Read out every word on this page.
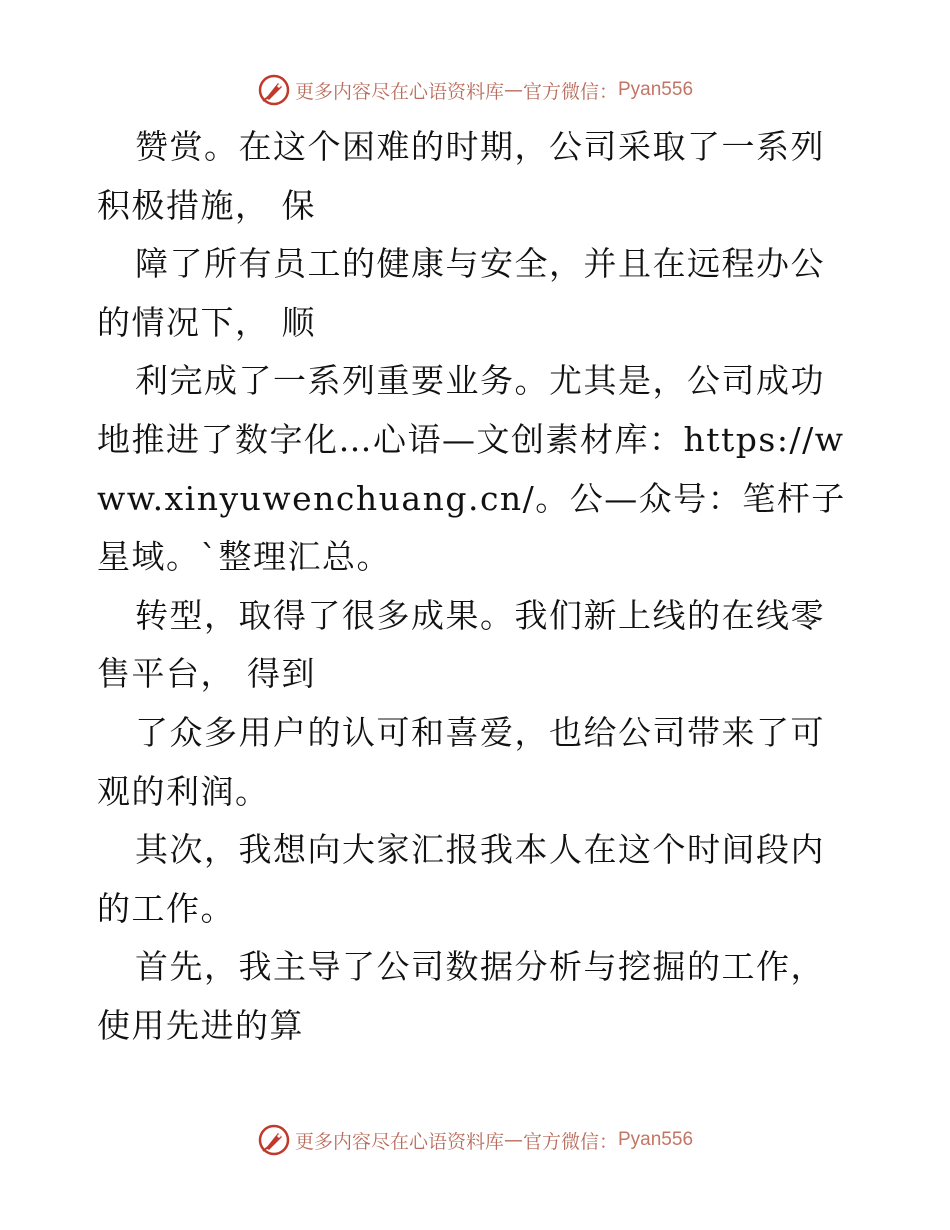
更多内容尽在心语资料库 — 官方微信： Pyan556

赞赏。在这个困难的时期，公司采取了一系列积极措施， 保

障了所有员工的健康与安全，并且在远程办公的情况下， 顺

利完成了一系列重要业务。尤其是，公司成功地推进了数字化…心语—文创素材库：https://www.xinyuwenchuang.cn/。公—众号：笔杆子星域。`整理汇总。

转型，取得了很多成果。我们新上线的在线零售平台， 得到

了众多用户的认可和喜爱，也给公司带来了可观的利润。

其次，我想向大家汇报我本人在这个时间段内的工作。

首先，我主导了公司数据分析与挖掘的工作，使用先进的算

更多内容尽在心语资料库 — 官方微信： Pyan556
